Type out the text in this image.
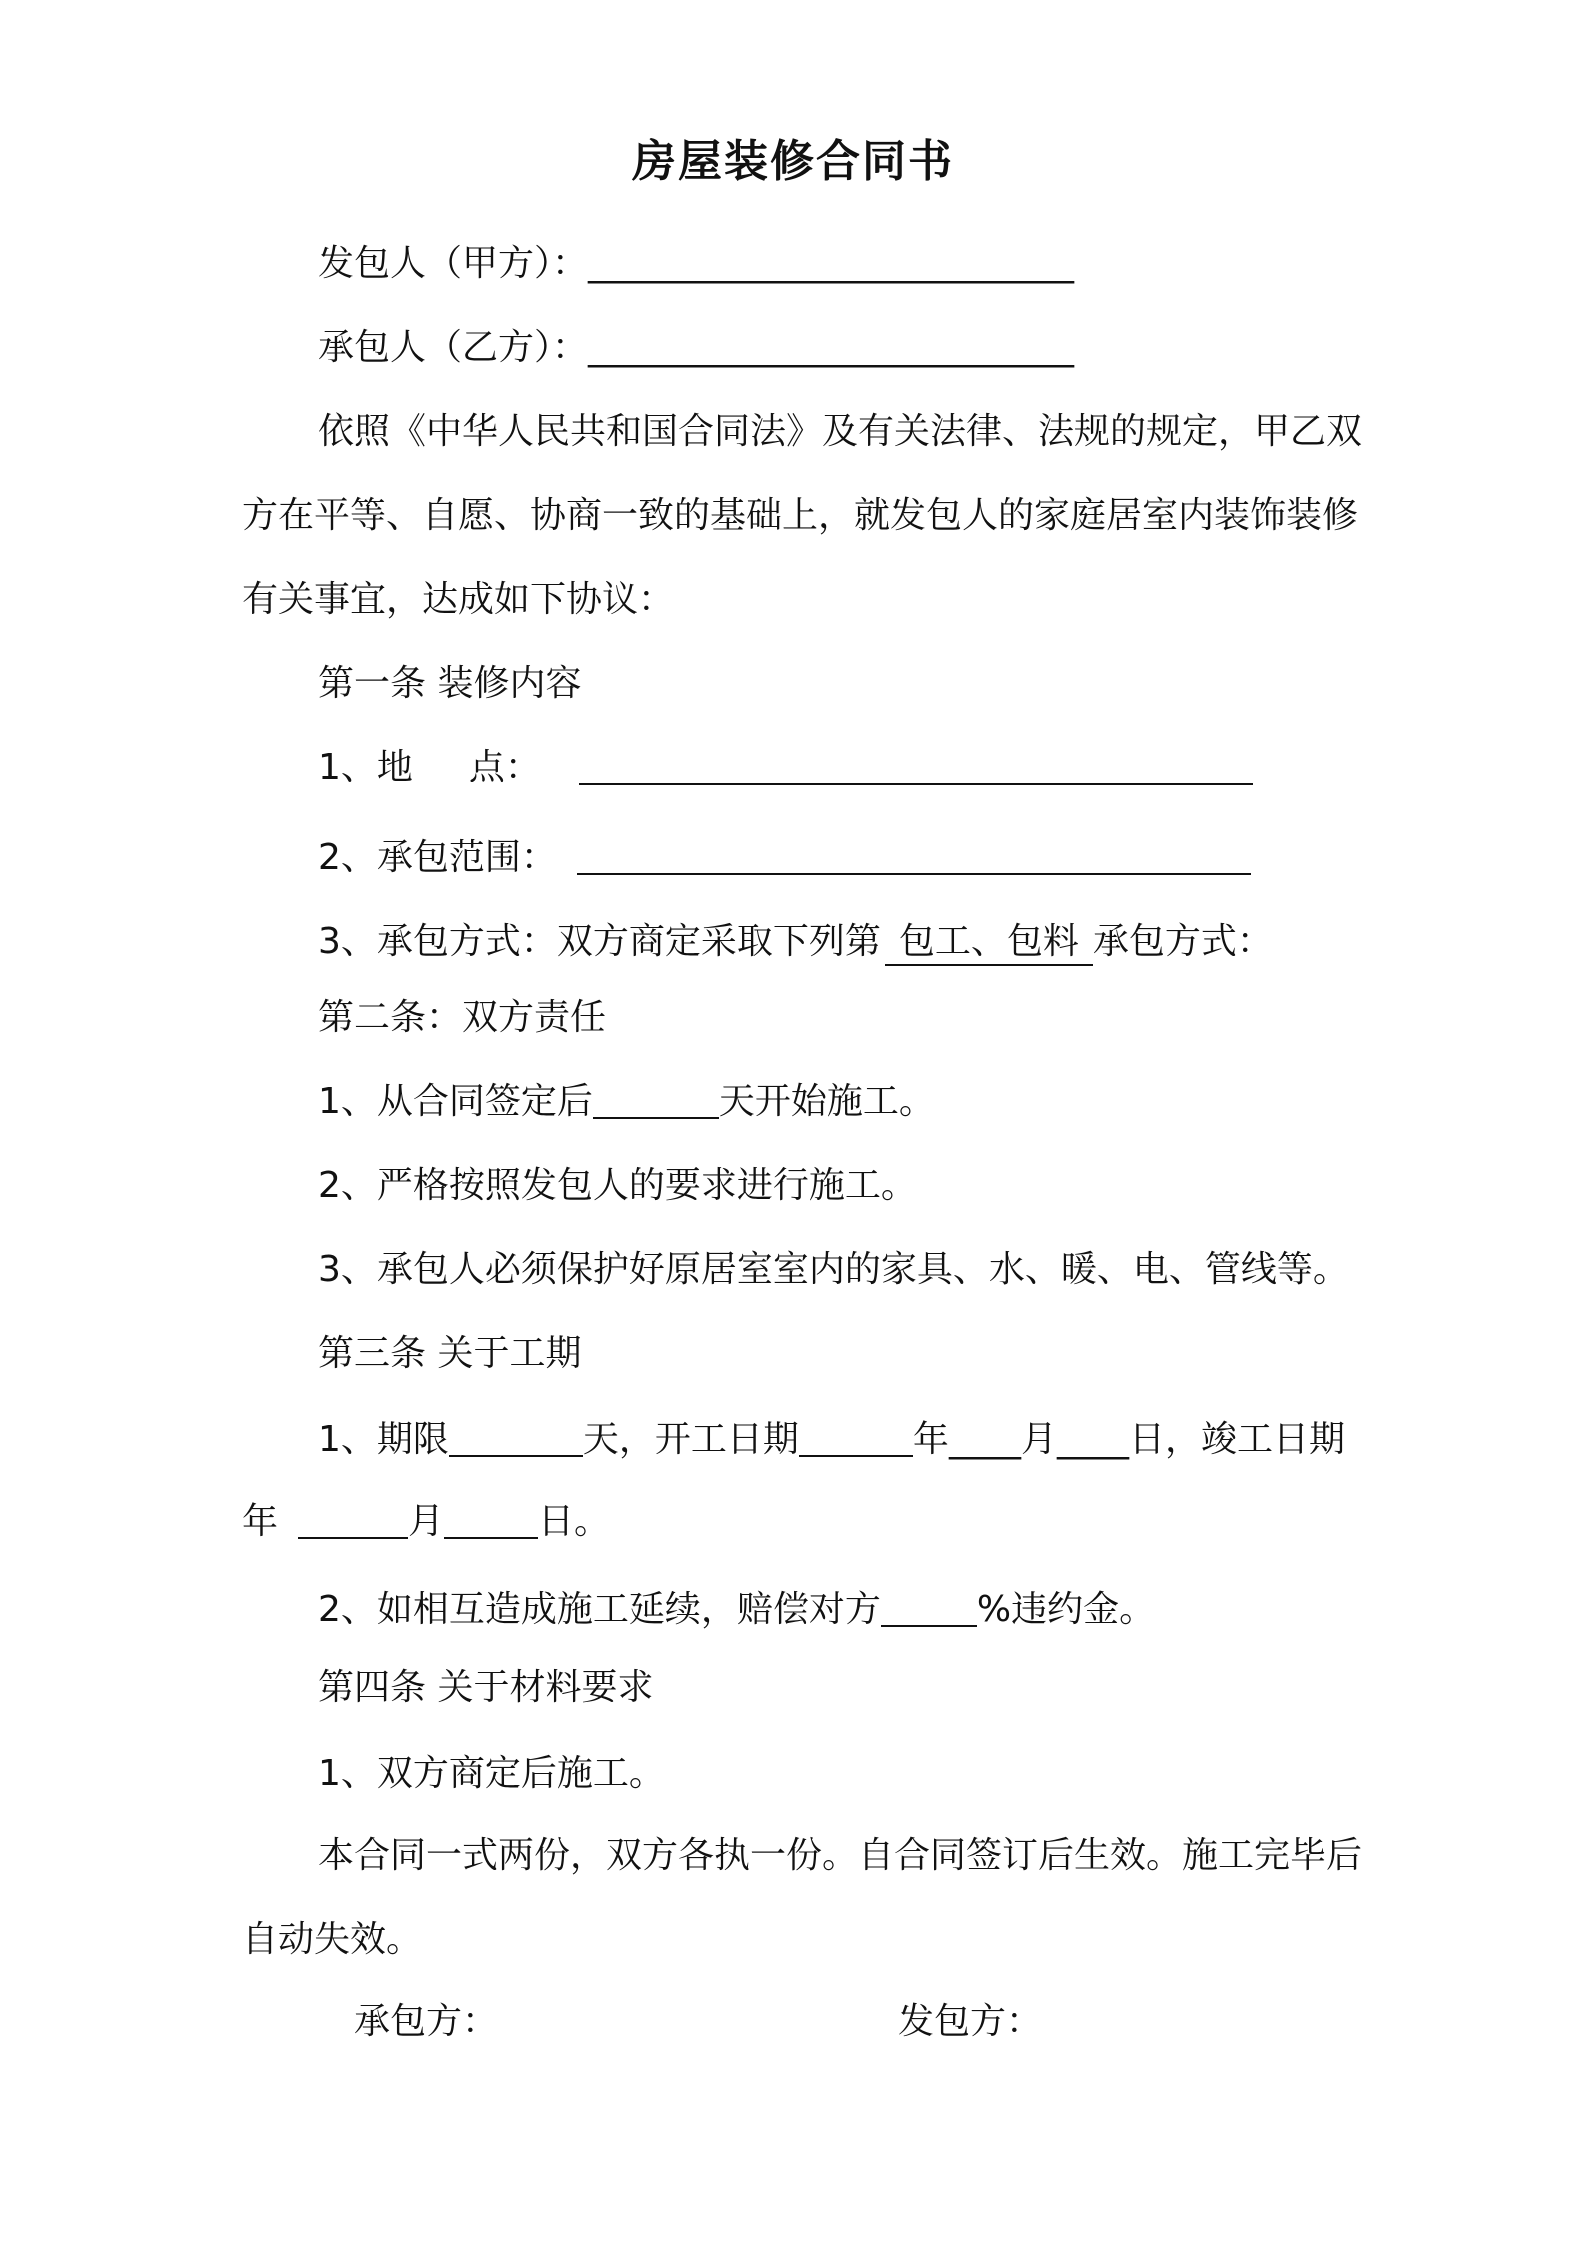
房屋装修合同书
发包人（甲方）：___________________________
承包人（乙方）：___________________________
依照《中华人民共和国合同法》及有关法律、法规的规定，甲乙双
方在平等、自愿、协商一致的基础上，就发包人的家庭居室内装饰装修
有关事宜，达成如下协议：
第一条 装修内容
1、地 点：
2、承包范围：
3、承包方式：双方商定采取下列第 包工、包料 承包方式：
第二条：双方责任
1、从合同签定后	天开始施工。
2、严格按照发包人的要求进行施工。
3、承包人必须保护好原居室室内的家具、水、暖、电、管线等。
第三条 关于工期
1、期限	天，开工日期	年____月____日，竣工日期
年	月	日。
2、如相互造成施工延续，赔偿对方	%违约金。
第四条 关于材料要求
1、双方商定后施工。
本合同一式两份，双方各执一份。自合同签订后生效。施工完毕后
自动失效。
承包方：	发包方：
